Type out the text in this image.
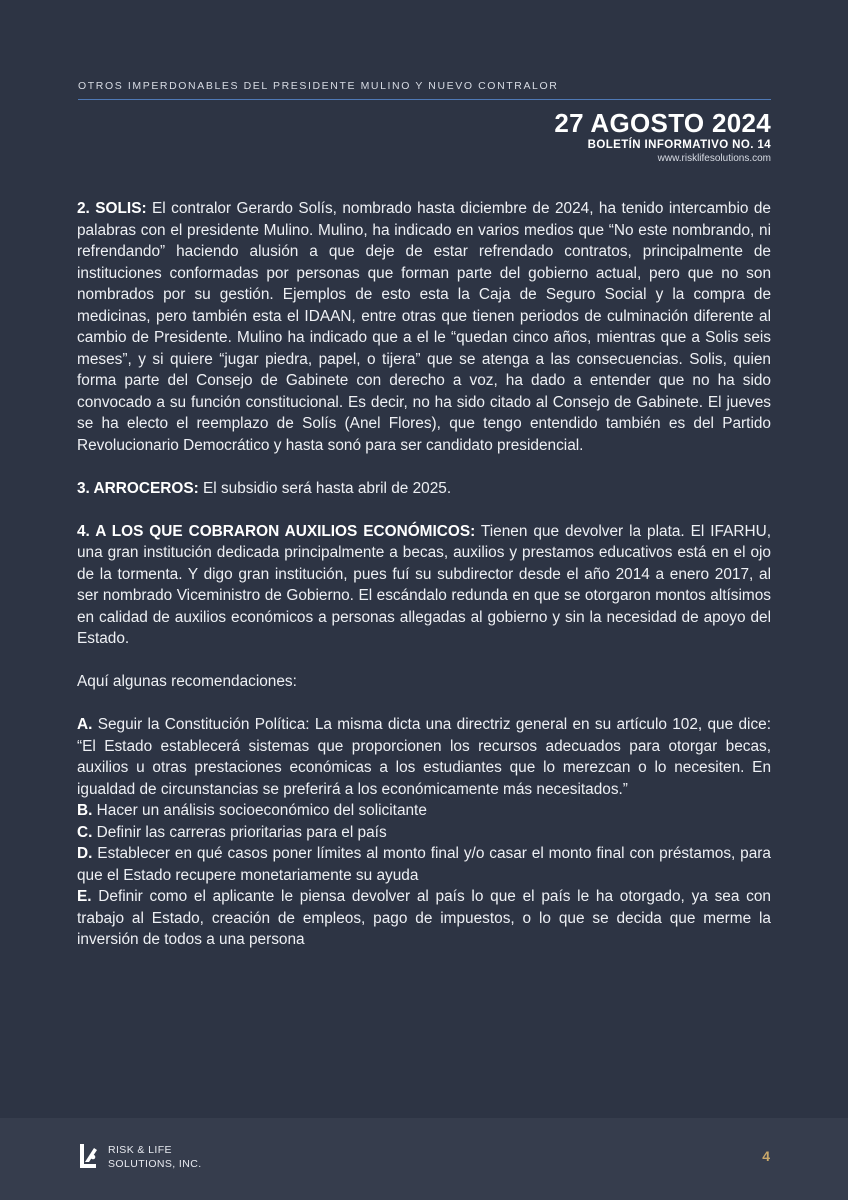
OTROS IMPERDONABLES DEL PRESIDENTE MULINO Y NUEVO CONTRALOR
27 AGOSTO 2024
BOLETÍN INFORMATIVO NO. 14
www.risklifesolutions.com

2. SOLIS: El contralor Gerardo Solís, nombrado hasta diciembre de 2024, ha tenido intercambio de palabras con el presidente Mulino. Mulino, ha indicado en varios medios que “No este nombrando, ni refrendando” haciendo alusión a que deje de estar refrendado contratos, principalmente de instituciones conformadas por personas que forman parte del gobierno actual, pero que no son nombrados por su gestión. Ejemplos de esto esta la Caja de Seguro Social y la compra de medicinas, pero también esta el IDAAN, entre otras que tienen periodos de culminación diferente al cambio de Presidente. Mulino ha indicado que a el le “quedan cinco años, mientras que a Solis seis meses”, y si quiere “jugar piedra, papel, o tijera” que se atenga a las consecuencias. Solis, quien forma parte del Consejo de Gabinete con derecho a voz, ha dado a entender que no ha sido convocado a su función constitucional. Es decir, no ha sido citado al Consejo de Gabinete. El jueves se ha electo el reemplazo de Solís (Anel Flores), que tengo entendido también es del Partido Revolucionario Democrático y hasta sonó para ser candidato presidencial.

3. ARROCEROS: El subsidio será hasta abril de 2025.

4. A LOS QUE COBRARON AUXILIOS ECONÓMICOS: Tienen que devolver la plata. El IFARHU, una gran institución dedicada principalmente a becas, auxilios y prestamos educativos está en el ojo de la tormenta. Y digo gran institución, pues fuí su subdirector desde el año 2014 a enero 2017, al ser nombrado Viceministro de Gobierno. El escándalo redunda en que se otorgaron montos altísimos en calidad de auxilios económicos a personas allegadas al gobierno y sin la necesidad de apoyo del Estado.

Aquí algunas recomendaciones:

A. Seguir la Constitución Política: La misma dicta una directriz general en su artículo 102, que dice: “El Estado establecerá sistemas que proporcionen los recursos adecuados para otorgar becas, auxilios u otras prestaciones económicas a los estudiantes que lo merezcan o lo necesiten. En igualdad de circunstancias se preferirá a los económicamente más necesitados.”

B. Hacer un análisis socioeconómico del solicitante

C. Definir las carreras prioritarias para el país

D. Establecer en qué casos poner límites al monto final y/o casar el monto final con préstamos, para que el Estado recupere monetariamente su ayuda

E. Definir como el aplicante le piensa devolver al país lo que el país le ha otorgado, ya sea con trabajo al Estado, creación de empleos, pago de impuestos, o lo que se decida que merme la inversión de todos a una persona

RISK & LIFE
SOLUTIONS, INC.	4
